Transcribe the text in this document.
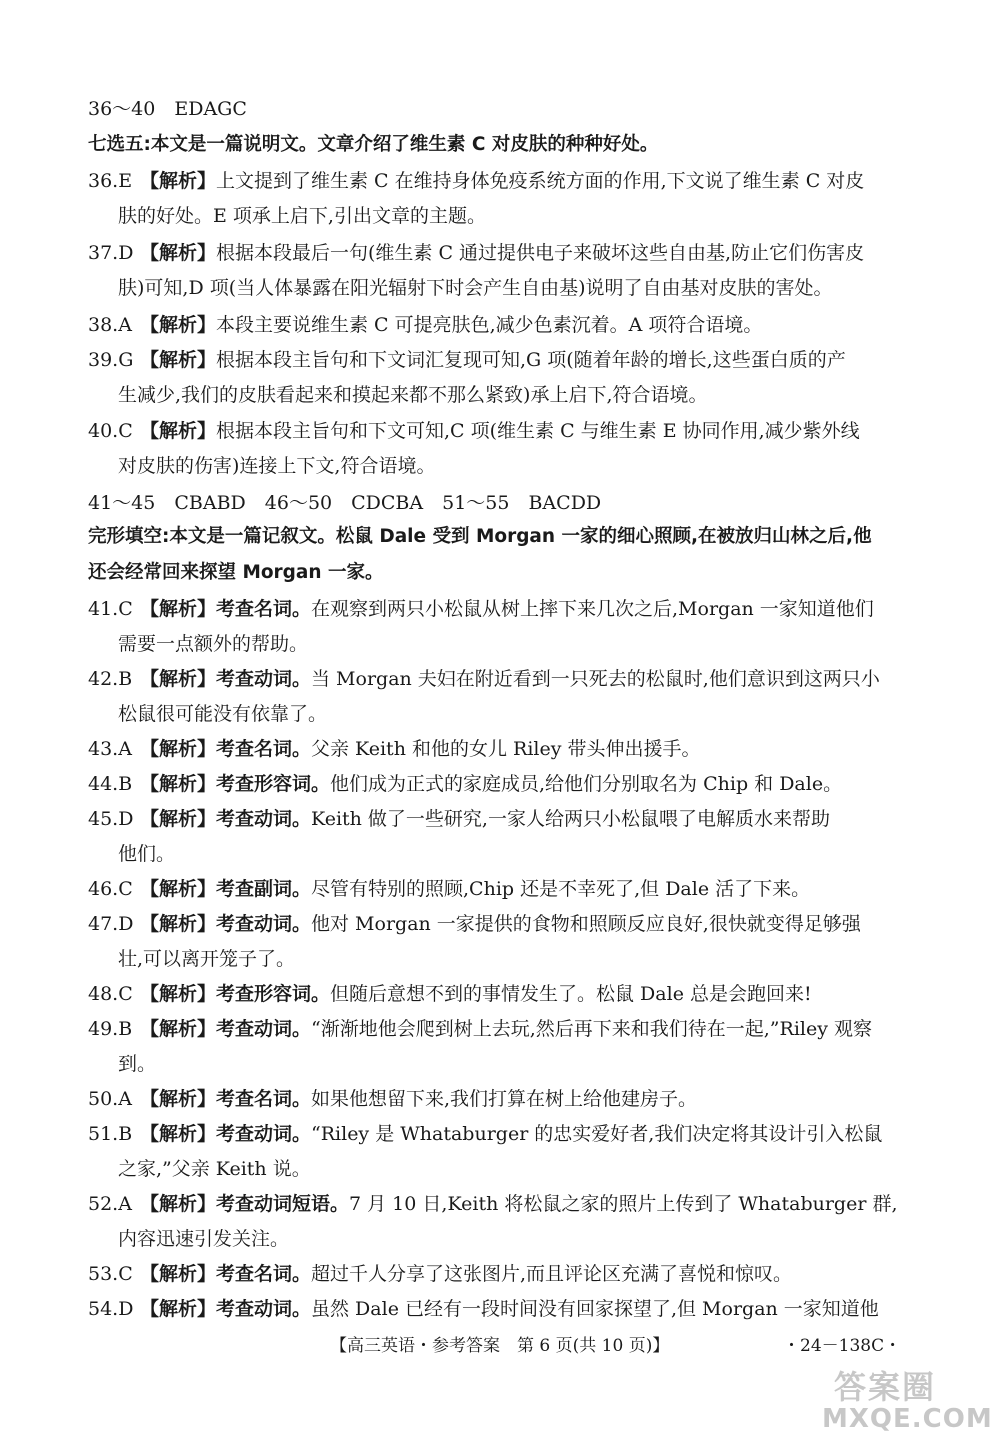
36～40　EDAGC
七选五:本文是一篇说明文。文章介绍了维生素 C 对皮肤的种种好处。
36.E 【解析】上文提到了维生素 C 在维持身体免疫系统方面的作用,下文说了维生素 C 对皮
肤的好处。E 项承上启下,引出文章的主题。
37.D 【解析】根据本段最后一句(维生素 C 通过提供电子来破坏这些自由基,防止它们伤害皮
肤)可知,D 项(当人体暴露在阳光辐射下时会产生自由基)说明了自由基对皮肤的害处。
38.A 【解析】本段主要说维生素 C 可提亮肤色,减少色素沉着。A 项符合语境。
39.G 【解析】根据本段主旨句和下文词汇复现可知,G 项(随着年龄的增长,这些蛋白质的产
生减少,我们的皮肤看起来和摸起来都不那么紧致)承上启下,符合语境。
40.C 【解析】根据本段主旨句和下文可知,C 项(维生素 C 与维生素 E 协同作用,减少紫外线
对皮肤的伤害)连接上下文,符合语境。
41～45　CBABD　46～50　CDCBA　51～55　BACDD
完形填空:本文是一篇记叙文。松鼠 Dale 受到 Morgan 一家的细心照顾,在被放归山林之后,他
还会经常回来探望 Morgan 一家。
41.C 【解析】考查名词。在观察到两只小松鼠从树上摔下来几次之后,Morgan 一家知道他们
需要一点额外的帮助。
42.B 【解析】考查动词。当 Morgan 夫妇在附近看到一只死去的松鼠时,他们意识到这两只小
松鼠很可能没有依靠了。
43.A 【解析】考查名词。父亲 Keith 和他的女儿 Riley 带头伸出援手。
44.B 【解析】考查形容词。他们成为正式的家庭成员,给他们分别取名为 Chip 和 Dale。
45.D 【解析】考查动词。Keith 做了一些研究,一家人给两只小松鼠喂了电解质水来帮助
他们。
46.C 【解析】考查副词。尽管有特别的照顾,Chip 还是不幸死了,但 Dale 活了下来。
47.D 【解析】考查动词。他对 Morgan 一家提供的食物和照顾反应良好,很快就变得足够强
壮,可以离开笼子了。
48.C 【解析】考查形容词。但随后意想不到的事情发生了。松鼠 Dale 总是会跑回来!
49.B 【解析】考查动词。“渐渐地他会爬到树上去玩,然后再下来和我们待在一起,”Riley 观察
到。
50.A 【解析】考查名词。如果他想留下来,我们打算在树上给他建房子。
51.B 【解析】考查动词。“Riley 是 Whataburger 的忠实爱好者,我们决定将其设计引入松鼠
之家,”父亲 Keith 说。
52.A 【解析】考查动词短语。7 月 10 日,Keith 将松鼠之家的照片上传到了 Whataburger 群,
内容迅速引发关注。
53.C 【解析】考查名词。超过千人分享了这张图片,而且评论区充满了喜悦和惊叹。
54.D 【解析】考查动词。虽然 Dale 已经有一段时间没有回家探望了,但 Morgan 一家知道他
【高三英语・参考答案　第 6 页(共 10 页)】	・24－138C・
答案圈
MXQE.COM
